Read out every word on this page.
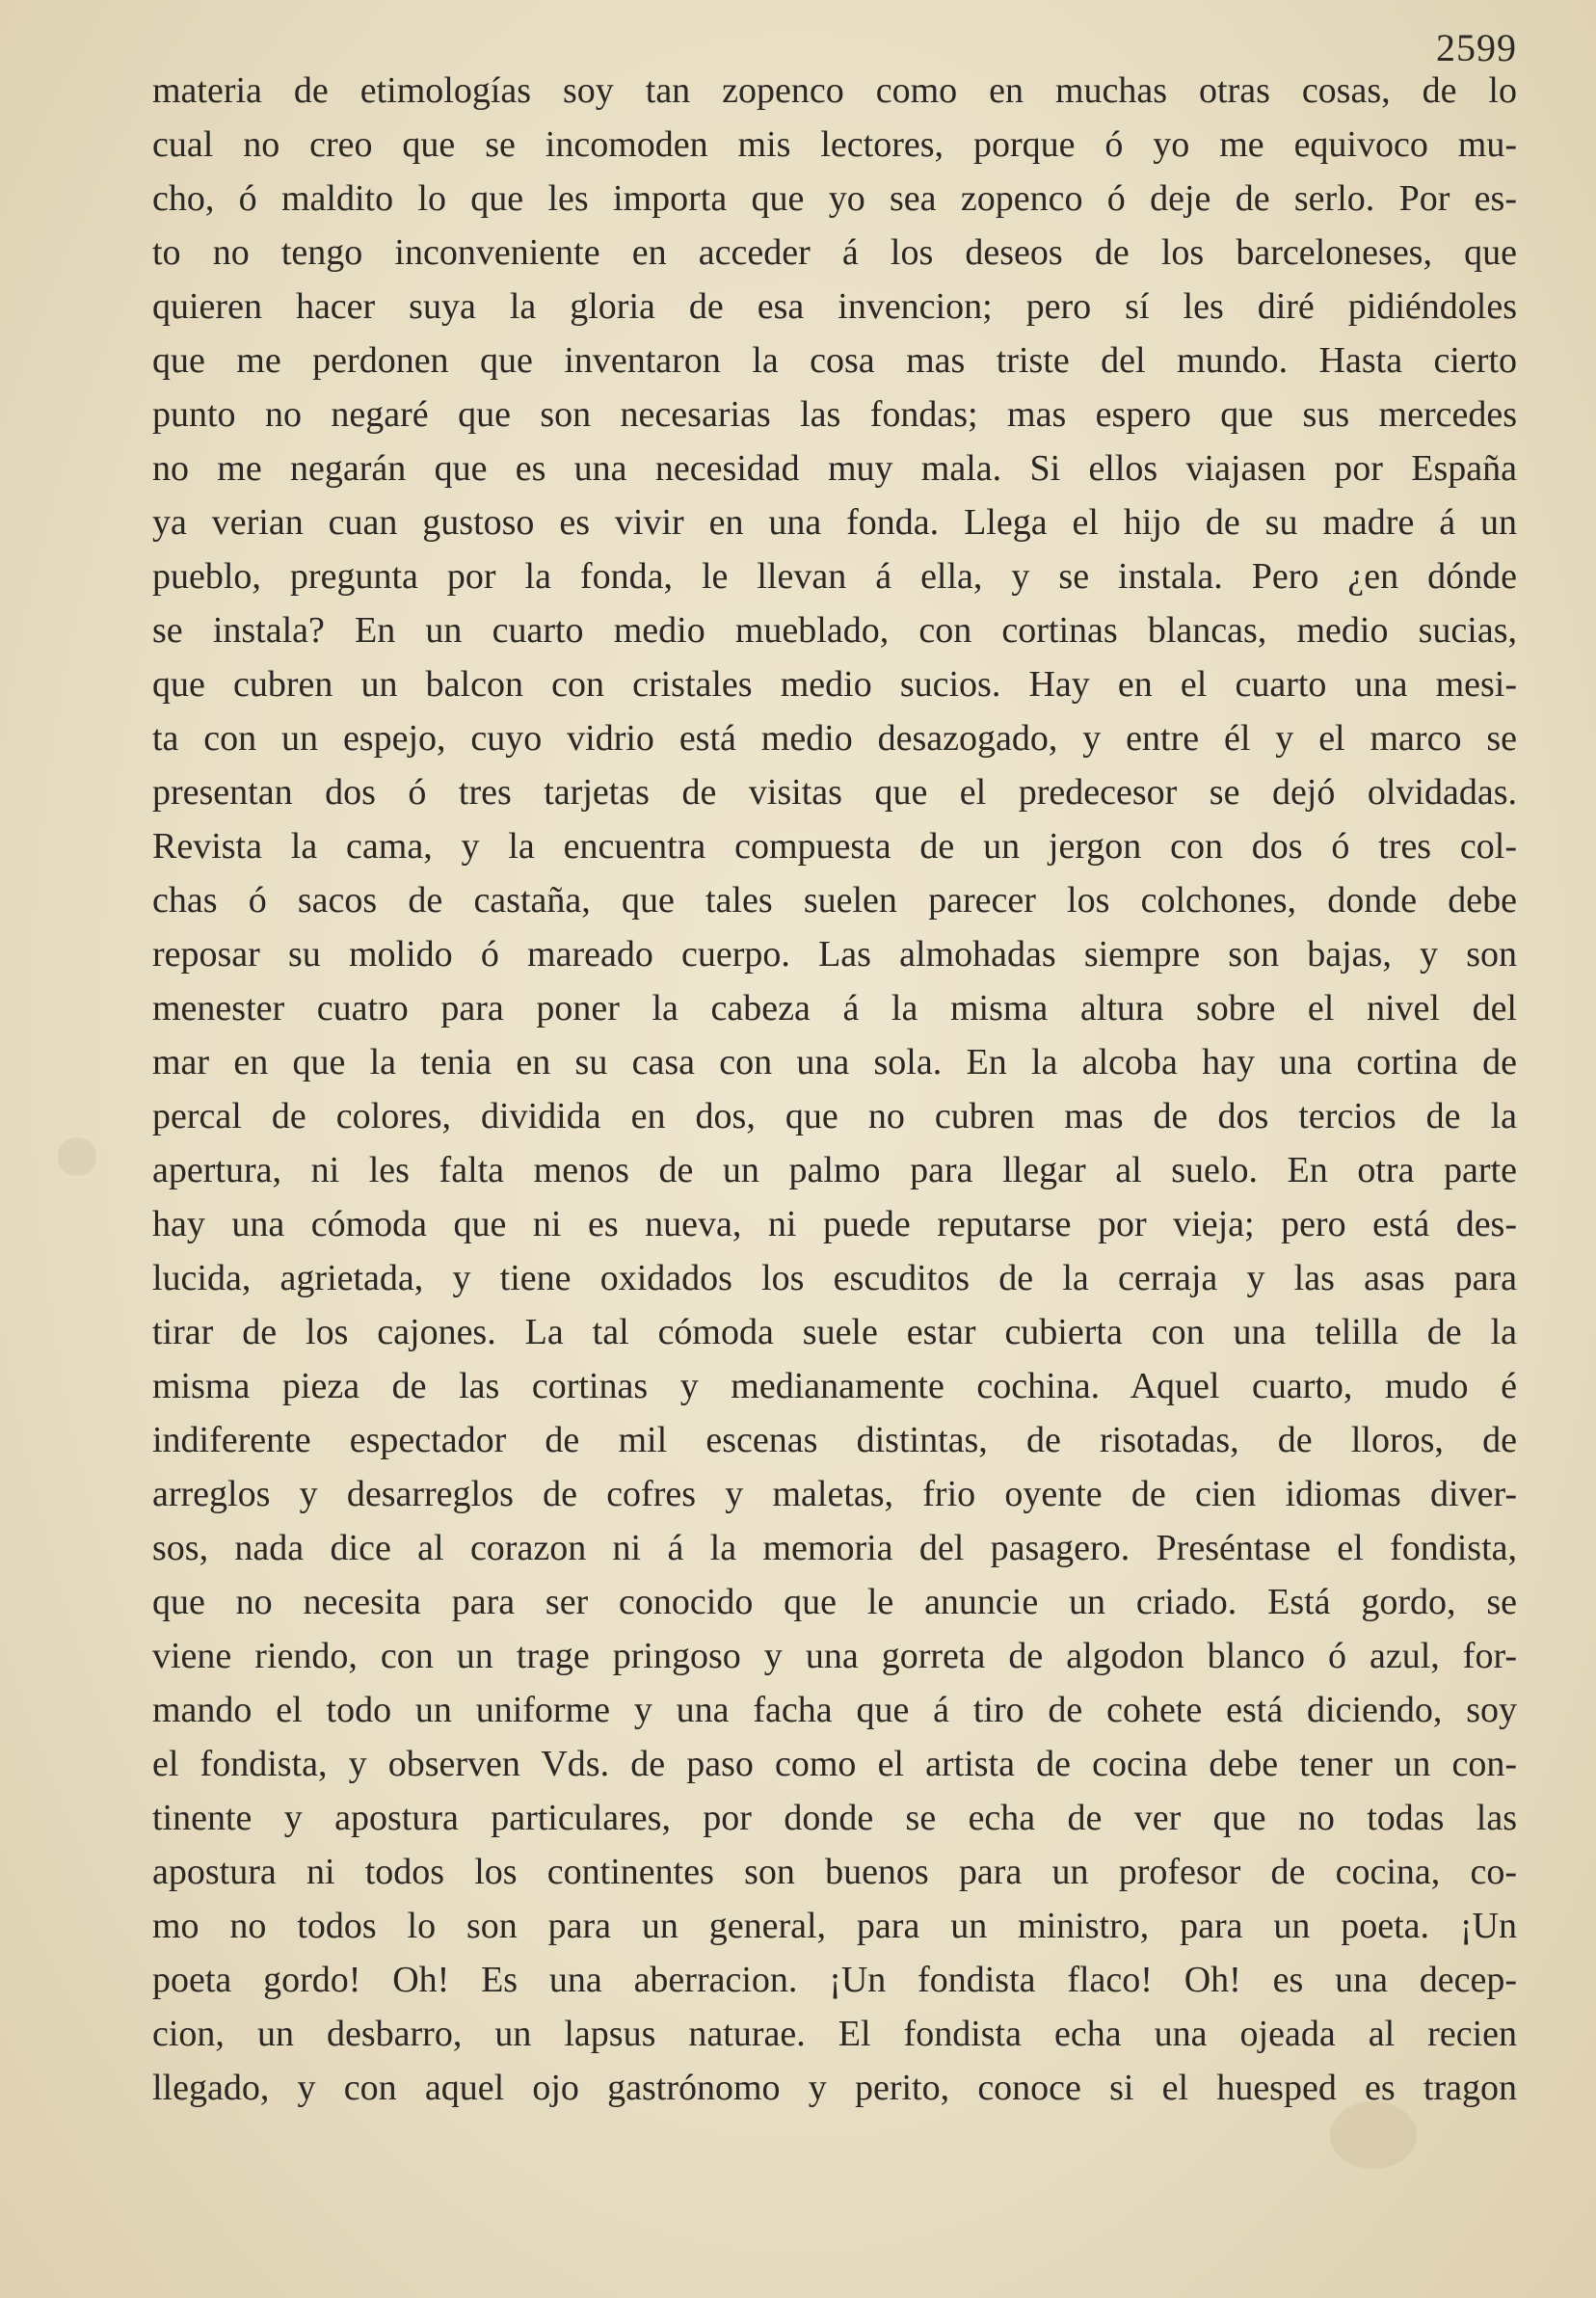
2599
materia de etimologías soy tan zopenco como en muchas otras cosas, de lo
cual no creo que se incomoden mis lectores, porque ó yo me equivoco mu-
cho, ó maldito lo que les importa que yo sea zopenco ó deje de serlo. Por es-
to no tengo inconveniente en acceder á los deseos de los barceloneses, que
quieren hacer suya la gloria de esa invencion; pero sí les diré pidiéndoles
que me perdonen que inventaron la cosa mas triste del mundo. Hasta cierto
punto no negaré que son necesarias las fondas; mas espero que sus mercedes
no me negarán que es una necesidad muy mala. Si ellos viajasen por España
ya verian cuan gustoso es vivir en una fonda. Llega el hijo de su madre á un
pueblo, pregunta por la fonda, le llevan á ella, y se instala. Pero ¿en dónde
se instala? En un cuarto medio mueblado, con cortinas blancas, medio sucias,
que cubren un balcon con cristales medio sucios. Hay en el cuarto una mesi-
ta con un espejo, cuyo vidrio está medio desazogado, y entre él y el marco se
presentan dos ó tres tarjetas de visitas que el predecesor se dejó olvidadas.
Revista la cama, y la encuentra compuesta de un jergon con dos ó tres col-
chas ó sacos de castaña, que tales suelen parecer los colchones, donde debe
reposar su molido ó mareado cuerpo. Las almohadas siempre son bajas, y son
menester cuatro para poner la cabeza á la misma altura sobre el nivel del
mar en que la tenia en su casa con una sola. En la alcoba hay una cortina de
percal de colores, dividida en dos, que no cubren mas de dos tercios de la
apertura, ni les falta menos de un palmo para llegar al suelo. En otra parte
hay una cómoda que ni es nueva, ni puede reputarse por vieja; pero está des-
lucida, agrietada, y tiene oxidados los escuditos de la cerraja y las asas para
tirar de los cajones. La tal cómoda suele estar cubierta con una telilla de la
misma pieza de las cortinas y medianamente cochina. Aquel cuarto, mudo é
indiferente espectador de mil escenas distintas, de risotadas, de lloros, de
arreglos y desarreglos de cofres y maletas, frio oyente de cien idiomas diver-
sos, nada dice al corazon ni á la memoria del pasagero. Preséntase el fondista,
que no necesita para ser conocido que le anuncie un criado. Está gordo, se
viene riendo, con un trage pringoso y una gorreta de algodon blanco ó azul, for-
mando el todo un uniforme y una facha que á tiro de cohete está diciendo, soy
el fondista, y observen Vds. de paso como el artista de cocina debe tener un con-
tinente y apostura particulares, por donde se echa de ver que no todas las
apostura ni todos los continentes son buenos para un profesor de cocina, co-
mo no todos lo son para un general, para un ministro, para un poeta. ¡Un
poeta gordo! Oh! Es una aberracion. ¡Un fondista flaco! Oh! es una decep-
cion, un desbarro, un lapsus naturae. El fondista echa una ojeada al recien
llegado, y con aquel ojo gastrónomo y perito, conoce si el huesped es tragon
